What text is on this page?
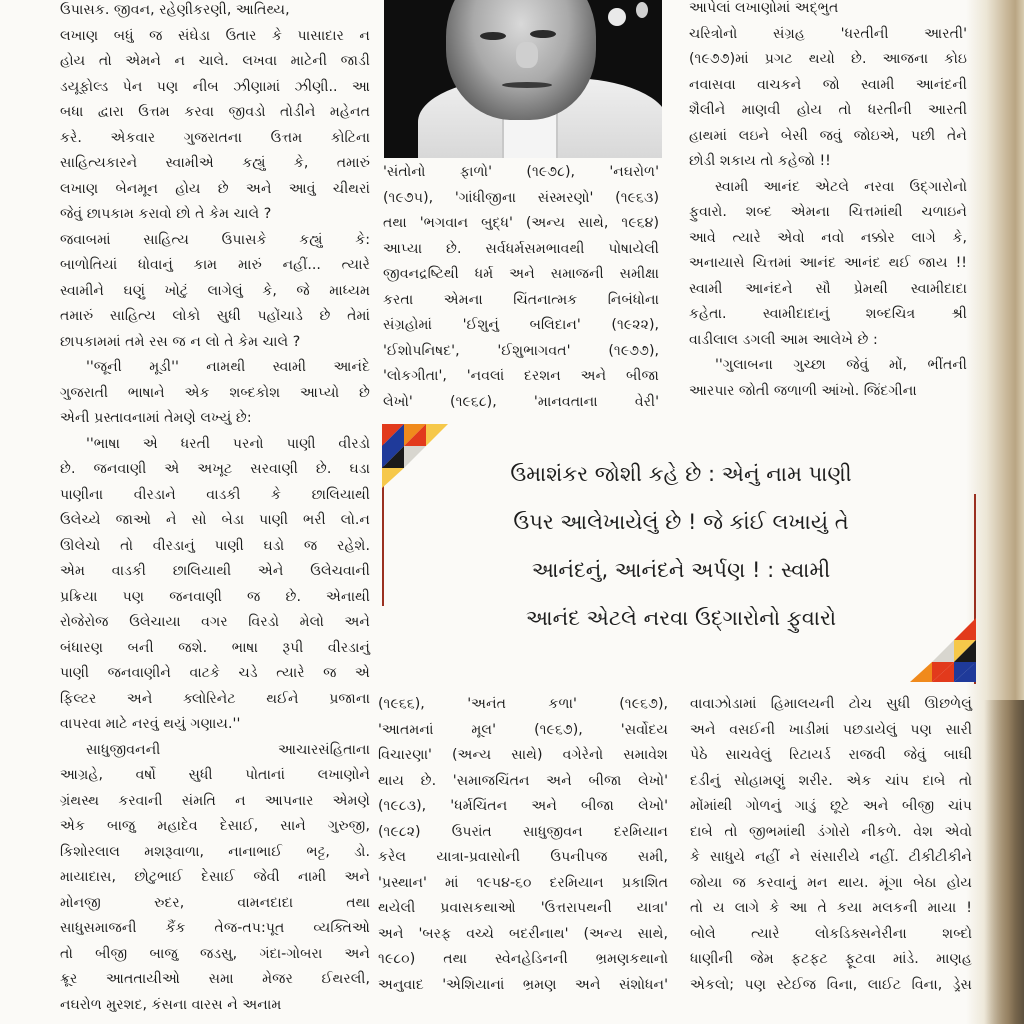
ઉપાસક. જીવન, રહેણીકરણી, આતિથ્ય,
લખાણ બધું જ સંઘેડા ઉતાર કે પાસાદાર ન
હોય તો એમને ન ચાલે. લખવા માટેની જાડી
ડયૂફોલ્ડ પેન પણ નીબ ઝીણામાં ઝીણી.. આ
બધા દ્વારા ઉત્તમ કરવા જીવડો તોડીને મહેનત
કરે. એકવાર ગુજરાતના ઉત્તમ કોટિના
સાહિત્યકારને સ્વામીએ કહ્યું કે, તમારું
લખાણ બેનમૂન હોય છે અને આવું ચીથરાં
જેવું છાપકામ કરાવો છો તે કેમ ચાલે ?
જવાબમાં સાહિત્ય ઉપાસકે કહ્યું કે:
બાળોતિયાં ધોવાનું કામ મારું નહીં... ત્યારે
સ્વામીને ઘણું ખોટું લાગેલું કે, જે માધ્યમ
તમારું સાહિત્ય લોકો સુધી પહોંચાડે છે તેમાં
છાપકામમાં તમે રસ જ ન લો તે કેમ ચાલે ?
''જૂની મૂડી'' નામથી સ્વામી આનંદે
ગુજરાતી ભાષાને એક શબ્દકોશ આપ્યો છે
એની પ્રસ્તાવનામાં તેમણે લખ્યું છે:
''ભાષા એ ધરતી પરનો પાણી વીરડો
છે. જનવાણી એ અખૂટ સરવાણી છે. ઘડા
પાણીના વીરડાને વાડકી કે છાલિયાથી
ઉલેચ્યે જાઓ ને સો બેડા પાણી ભરી લો.ન
ઊલેચો તો વીરડાનું પાણી ઘડો જ રહેશે.
એમ વાડકી છાલિયાથી એને ઉલેચવાની
પ્રક્રિયા પણ જનવાણી જ છે. એનાથી
રોજેરોજ ઉલેચાયા વગર વિરડો મેલો અને
બંધારણ બની જશે. ભાષા રૂપી વીરડાનું
પાણી જનવાણીને વાટકે ચડે ત્યારે જ એ
ફિલ્ટર અને ક્લોરિનેટ થઈને પ્રજાના
વાપરવા માટે નરવું થયું ગણાય.''
સાધુજીવનની આચારસંહિતાના
આગ્રહે, વર્ષો સુધી પોતાનાં લખાણોને
ગ્રંથસ્થ કરવાની સંમતિ ન આપનાર એમણે
એક બાજુ મહાદેવ દેસાઈ, સાને ગુરુજી,
કિશોરલાલ મશરૂવાળા, નાનાભાઈ ભટ્ટ, ડો.
માયાદાસ, છોટુભાઈ દેસાઈ જેવી નામી અને
મોનજી રુદર, વામનદાદા તથા
સાધુસમાજની કૈંક તેજ-તપ:પૂત વ્યક્તિઓ
તો બીજી બાજુ જડસુ, ગંદા-ગોબરા અને
ક્રૂર આતતાયીઓ સમા મેજર ઈથરલી,
નઘરોળ મુરશદ, કંસના વારસ ને અનામ
'સંતોનો ફાળો' (૧૯૭૮), 'નઘરોળ'
(૧૯૭૫), 'ગાંધીજીના સંસ્મરણો' (૧૯૬૩)
તથા 'ભગવાન બુદ્ધ' (અન્ય સાથે, ૧૯૬૪)
આપ્યા છે. સર્વધર્મસમભાવથી પોષાયેલી
જીવનદ્રષ્ટિથી ધર્મ અને સમાજની સમીક્ષા
કરતા એમના ચિંતનાત્મક નિબંધોના
સંગ્રહોમાં 'ઈશુનું બલિદાન' (૧૯૨૨),
'ઈશોપનિષદ', 'ઈશુભાગવત' (૧૯૭૭),
'લોકગીતા', 'નવલાં દરશન અને બીજા
લેખો' (૧૯૬૮), 'માનવતાના વેરી'
આપેલાં લખાણોમાં અદ્ભુત
ચરિત્રોનો સંગ્રહ 'ધરતીની આરતી'
(૧૯૭૭)માં પ્રગટ થયો છે. આજના કોઇ
નવાસવા વાચકને જો સ્વામી આનંદની
શૈલીને માણવી હોય તો ધરતીની આરતી
હાથમાં લઇને બેસી જવું જોઇએ, પછી તેને
છોડી શકાય તો કહેજો !!
સ્વામી આનંદ એટલે નરવા ઉદ્ગારોનો
ફુવારો. શબ્દ એમના ચિત્તમાંથી ચળાઇને
આવે ત્યારે એવો નવો નક્કોર લાગે કે,
અનાયાસે ચિત્તમાં આનંદ આનંદ થઈ જાય !!
સ્વામી આનંદને સૌ પ્રેમથી સ્વામીદાદા
કહેતા. સ્વામીદાદાનું શબ્દચિત્ર શ્રી
વાડીલાલ ડગલી આમ આલેખે છે :
''ગુલાબના ગુચ્છા જેવું મોં, ભીંતની
આરપાર જોતી જળાળી આંખો. જિંદગીના
ઉમાશંકર જોશી કહે છે : એનું નામ પાણી
ઉપર આલેખાયેલું છે ! જે કાંઈ લખાયું તે
આનંદનું, આનંદને અર્પણ ! : સ્વામી
આનંદ એટલે નરવા ઉદ્ગારોનો ફુવારો
(૧૯૬૬), 'અનંત કળા' (૧૯૬૭),
'આતમનાં મૂલ' (૧૯૬૭), 'સર્વોદય
વિચારણા' (અન્ય સાથે) વગેરેનો સમાવેશ
થાય છે. 'સમાજચિંતન અને બીજા લેખો'
(૧૯૮૩), 'ધર્મચિંતન અને બીજા લેખો'
(૧૯૮૨) ઉપરાંત સાધુજીવન દરમિયાન
કરેલ યાત્રા-પ્રવાસોની ઉપનીપજ સમી,
'પ્રસ્થાન' માં ૧૯૫૪-૬૦ દરમિયાન પ્રકાશિત
થયેલી પ્રવાસકથાઓ 'ઉત્તરાપથની યાત્રા'
અને 'બરફ વચ્ચે બદરીનાથ' (અન્ય સાથે,
૧૯૮૦) તથા સ્વેનહેડિનની ભ્રમણકથાનો
અનુવાદ 'એશિયાનાં ભ્રમણ અને સંશોધન'
વાવાઝોડામાં હિમાલયની ટોચ સુધી ઊછળેલું
અને વસઈની ખાડીમાં પછડાયેલું પણ સારી
પેઠે સાચવેલું રિટાયર્ડ રાજવી જેવું બાઘી
દડીનું સોહામણું શરીર. એક ચાંપ દાબે તો
મોંમાંથી ગોળનું ગાડું છૂટે અને બીજી ચાંપ
દાબે તો જીભમાંથી ડંગોરો નીકળે. વેશ એવો
કે સાધુયે નહીં ને સંસારીયે નહીં. ટીકીટીકીને
જોયા જ કરવાનું મન થાય. મૂંગા બેઠા હોય
તો ય લાગે કે આ તે કયા મલકની માયા !
બોલે ત્યારે લોકડિક્સનેરીના શબ્દો
ધાણીની જેમ ફટફટ ફૂટવા માંડે. માણહ
એકલો; પણ સ્ટેઈજ વિના, લાઈટ વિના, ડ્રેસ
